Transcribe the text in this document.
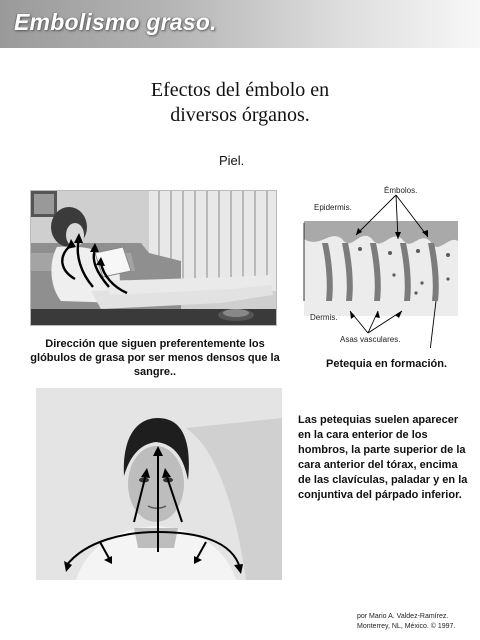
Embolismo graso.
Efectos del émbolo en
diversos órganos.
Piel.
Dirección que siguen preferentemente los glóbulos de grasa por ser menos densos que la sangre..
Émbolos.
Epidermis.
Dermis.
Asas vasculares.
Petequia en formación.
Las petequias suelen aparecer en la cara enterior de los hombros, la parte superior de la cara anterior del tórax, encima de las clavículas, paladar y en la conjuntiva del párpado inferior.
por Mario A. Valdez-Ramírez.
Monterrey, NL, México. © 1997.
